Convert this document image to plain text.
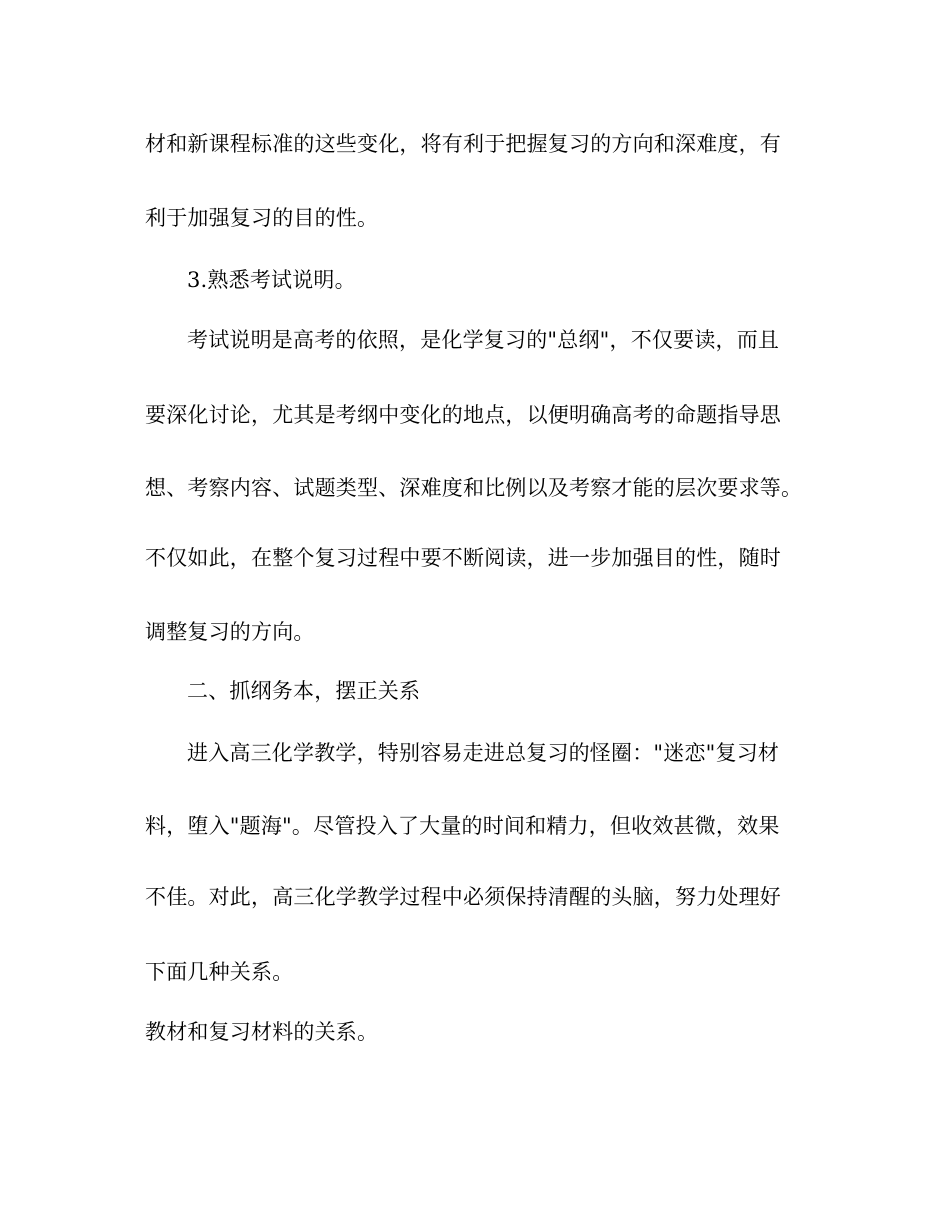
材和新课程标准的这些变化，将有利于把握复习的方向和深难度，有
利于加强复习的目的性。
3.熟悉考试说明。
考试说明是高考的依照，是化学复习的"总纲"，不仅要读，而且
要深化讨论，尤其是考纲中变化的地点，以便明确高考的命题指导思
想、考察内容、试题类型、深难度和比例以及考察才能的层次要求等。
不仅如此，在整个复习过程中要不断阅读，进一步加强目的性，随时
调整复习的方向。
二、抓纲务本，摆正关系
进入高三化学教学，特别容易走进总复习的怪圈："迷恋"复习材
料，堕入"题海"。尽管投入了大量的时间和精力，但收效甚微，效果
不佳。对此，高三化学教学过程中必须保持清醒的头脑，努力处理好
下面几种关系。
教材和复习材料的关系。
